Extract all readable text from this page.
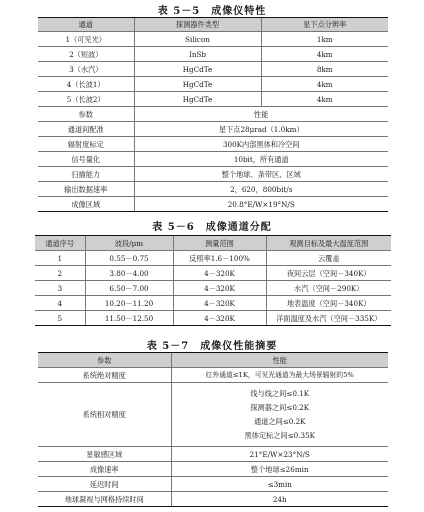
表 5－5　成像仪特性
通道	探测器件类型	星下点分辨率
1（可见光）	Silicon	1km
2（短波）	InSb	4km
3（水汽）	HgCdTe	8km
4（长波1）	HgCdTe	4km
5（长波2）	HgCdTe	4km
参数	性能	
通道间配准	星下点28μrad（1.0km）	
辐射度标定	300K内部黑体和冷空间	
信号量化	10bit，所有通道	
扫描能力	整个地球、条带区、区域	
输出数据速率	2，620，800bit/s	
成像区域	20.8°E/W×19°N/S	
表 5－6　成像通道分配
通道序号	波段/μm	测量范围	观测目标及最大温度范围
1	0.55－0.75	反照率1.6－100%	云覆盖
2	3.80－4.00	4－320K	夜间云层（空间－340K）
3	6.50－7.00	4－320K	水汽（空间－290K）
4	10.20－11.20	4－320K	地表温度（空间－340K）
5	11.50－12.50	4－320K	洋面温度及水汽（空间－335K）
表 5－7　成像仪性能摘要
参数	性能
系统绝对精度	红外通道≤1K，可见光通道为最大场景辐射的5%
系统相对精度	线与线之间≤0.1K
探测器之间≤0.2K
通道之间≤0.2K
黑体定标之间≤0.35K

星敏感区域	21°E/W×23°N/S
成像速率	整个地球≤26min
延迟时间	≤3min
地球凝视与网格持续时间	24h
